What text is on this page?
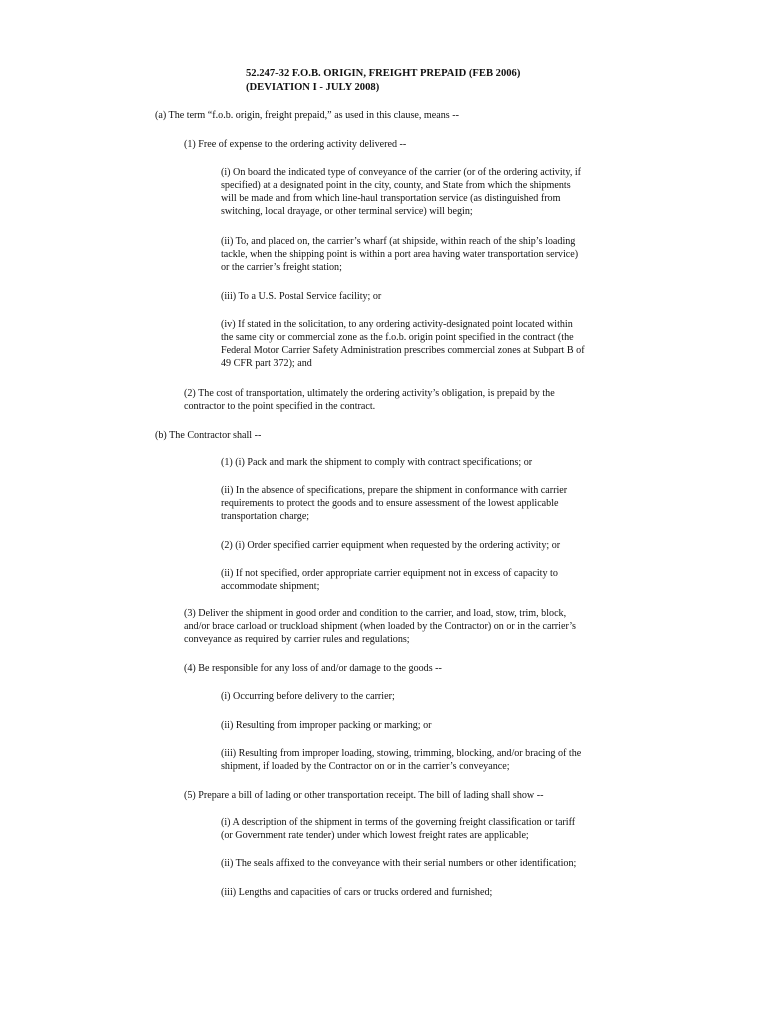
52.247-32 F.O.B. ORIGIN, FREIGHT PREPAID (FEB 2006)
(DEVIATION I - JULY 2008)
(a) The term “f.o.b. origin, freight prepaid,” as used in this clause, means --
(1) Free of expense to the ordering activity delivered --
(i) On board the indicated type of conveyance of the carrier (or of the ordering activity, if
specified) at a designated point in the city, county, and State from which the shipments
will be made and from which line-haul transportation service (as distinguished from
switching, local drayage, or other terminal service) will begin;
(ii) To, and placed on, the carrier’s wharf (at shipside, within reach of the ship’s loading
tackle, when the shipping point is within a port area having water transportation service)
or the carrier’s freight station;
(iii) To a U.S. Postal Service facility; or
(iv) If stated in the solicitation, to any ordering activity-designated point located within
the same city or commercial zone as the f.o.b. origin point specified in the contract (the
Federal Motor Carrier Safety Administration prescribes commercial zones at Subpart B of
49 CFR part 372); and
(2) The cost of transportation, ultimately the ordering activity’s obligation, is prepaid by the
contractor to the point specified in the contract.
(b) The Contractor shall --
(1) (i) Pack and mark the shipment to comply with contract specifications; or
(ii) In the absence of specifications, prepare the shipment in conformance with carrier
requirements to protect the goods and to ensure assessment of the lowest applicable
transportation charge;
(2) (i) Order specified carrier equipment when requested by the ordering activity; or
(ii) If not specified, order appropriate carrier equipment not in excess of capacity to
accommodate shipment;
(3) Deliver the shipment in good order and condition to the carrier, and load, stow, trim, block,
and/or brace carload or truckload shipment (when loaded by the Contractor) on or in the carrier’s
conveyance as required by carrier rules and regulations;
(4) Be responsible for any loss of and/or damage to the goods --
(i) Occurring before delivery to the carrier;
(ii) Resulting from improper packing or marking; or
(iii) Resulting from improper loading, stowing, trimming, blocking, and/or bracing of the
shipment, if loaded by the Contractor on or in the carrier’s conveyance;
(5) Prepare a bill of lading or other transportation receipt. The bill of lading shall show --
(i) A description of the shipment in terms of the governing freight classification or tariff
(or Government rate tender) under which lowest freight rates are applicable;
(ii) The seals affixed to the conveyance with their serial numbers or other identification;
(iii) Lengths and capacities of cars or trucks ordered and furnished;
